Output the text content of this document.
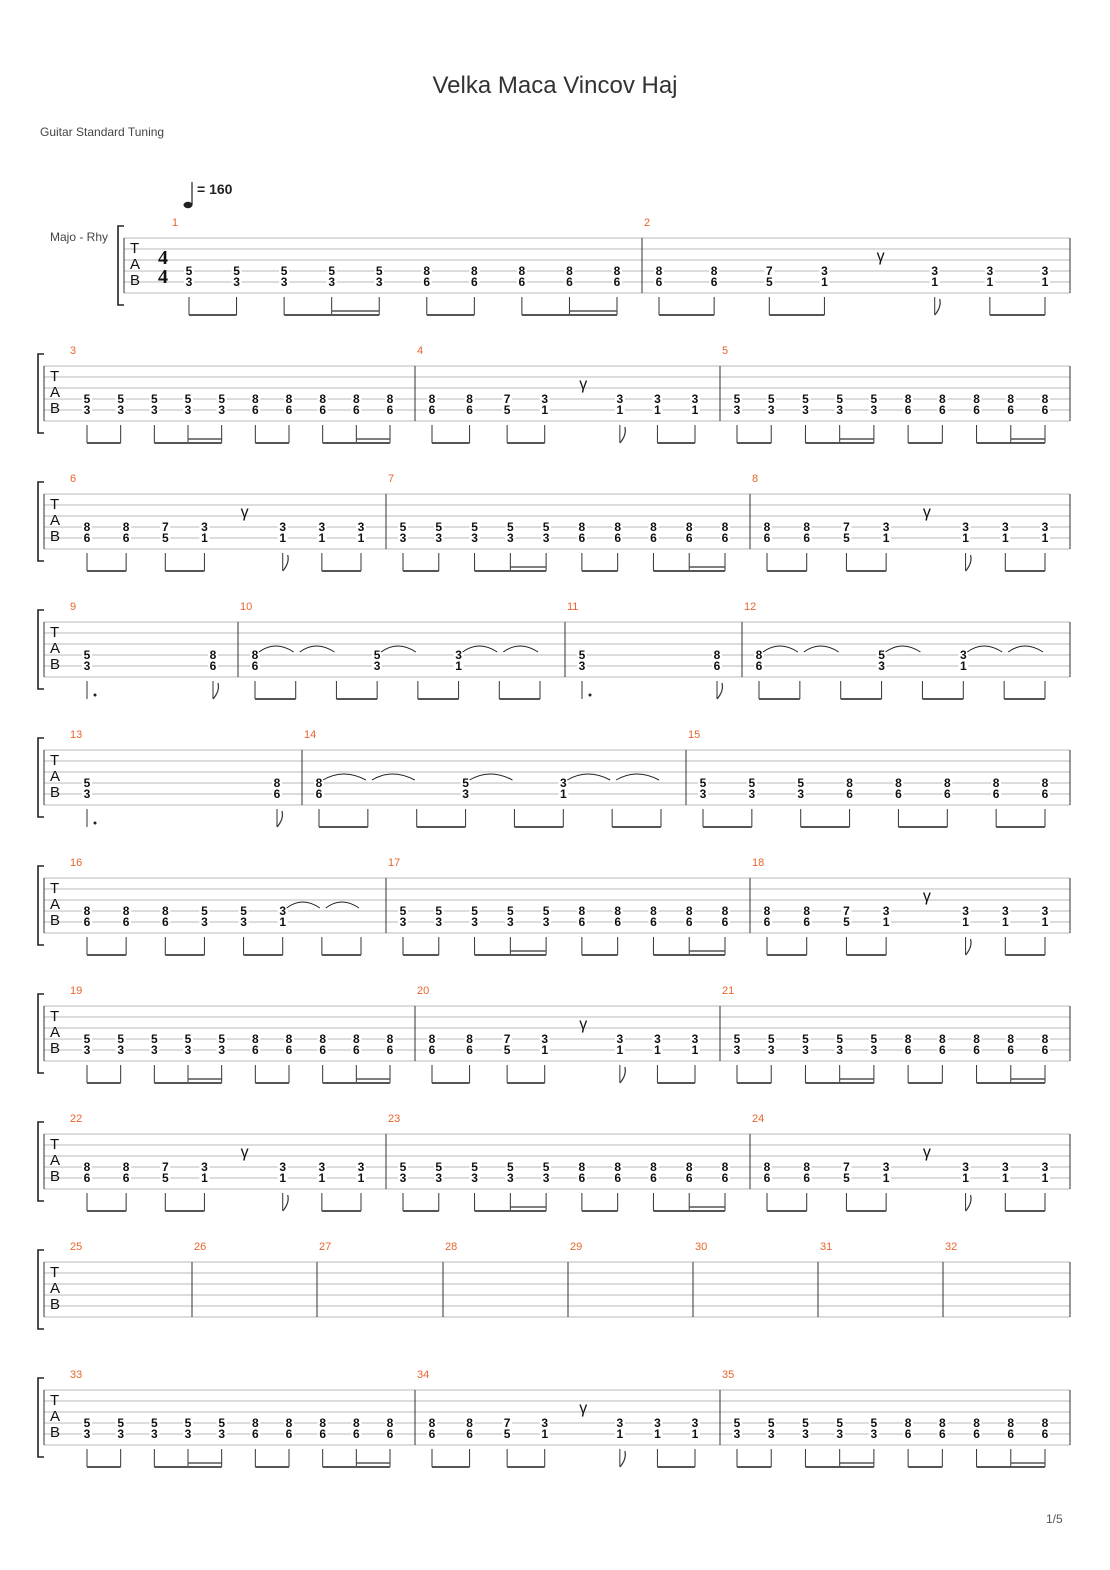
Velka Maca Vincov Haj
Guitar Standard Tuning
T
A
B
Majo - Rhy
4
4
= 160
1
5
3
5
3
5
3
5
3
5
3
8
6
8
6
8
6
8
6
8
6
2
8
6
8
6
7
5
3
1
γ
3
1
3
1
3
1
T
A
B
3
5
3
5
3
5
3
5
3
5
3
8
6
8
6
8
6
8
6
8
6
4
8
6
8
6
7
5
3
1
γ
3
1
3
1
3
1
5
5
3
5
3
5
3
5
3
5
3
8
6
8
6
8
6
8
6
8
6
T
A
B
6
8
6
8
6
7
5
3
1
γ
3
1
3
1
3
1
7
5
3
5
3
5
3
5
3
5
3
8
6
8
6
8
6
8
6
8
6
8
8
6
8
6
7
5
3
1
γ
3
1
3
1
3
1
T
A
B
9
5
3
8
6
10
8
6
5
3
3
1
11
5
3
8
6
12
8
6
5
3
3
1
T
A
B
13
5
3
8
6
14
8
6
5
3
3
1
15
5
3
5
3
5
3
8
6
8
6
8
6
8
6
8
6
T
A
B
16
8
6
8
6
8
6
5
3
5
3
3
1
17
5
3
5
3
5
3
5
3
5
3
8
6
8
6
8
6
8
6
8
6
18
8
6
8
6
7
5
3
1
γ
3
1
3
1
3
1
T
A
B
19
5
3
5
3
5
3
5
3
5
3
8
6
8
6
8
6
8
6
8
6
20
8
6
8
6
7
5
3
1
γ
3
1
3
1
3
1
21
5
3
5
3
5
3
5
3
5
3
8
6
8
6
8
6
8
6
8
6
T
A
B
22
8
6
8
6
7
5
3
1
γ
3
1
3
1
3
1
23
5
3
5
3
5
3
5
3
5
3
8
6
8
6
8
6
8
6
8
6
24
8
6
8
6
7
5
3
1
γ
3
1
3
1
3
1
T
A
B
25	26	27	28	29	30	31	32
T
A
B
33
5
3
5
3
5
3
5
3
5
3
8
6
8
6
8
6
8
6
8
6
34
8
6
8
6
7
5
3
1
γ
3
1
3
1
3
1
35
5
3
5
3
5
3
5
3
5
3
8
6
8
6
8
6
8
6
8
6
1/5
